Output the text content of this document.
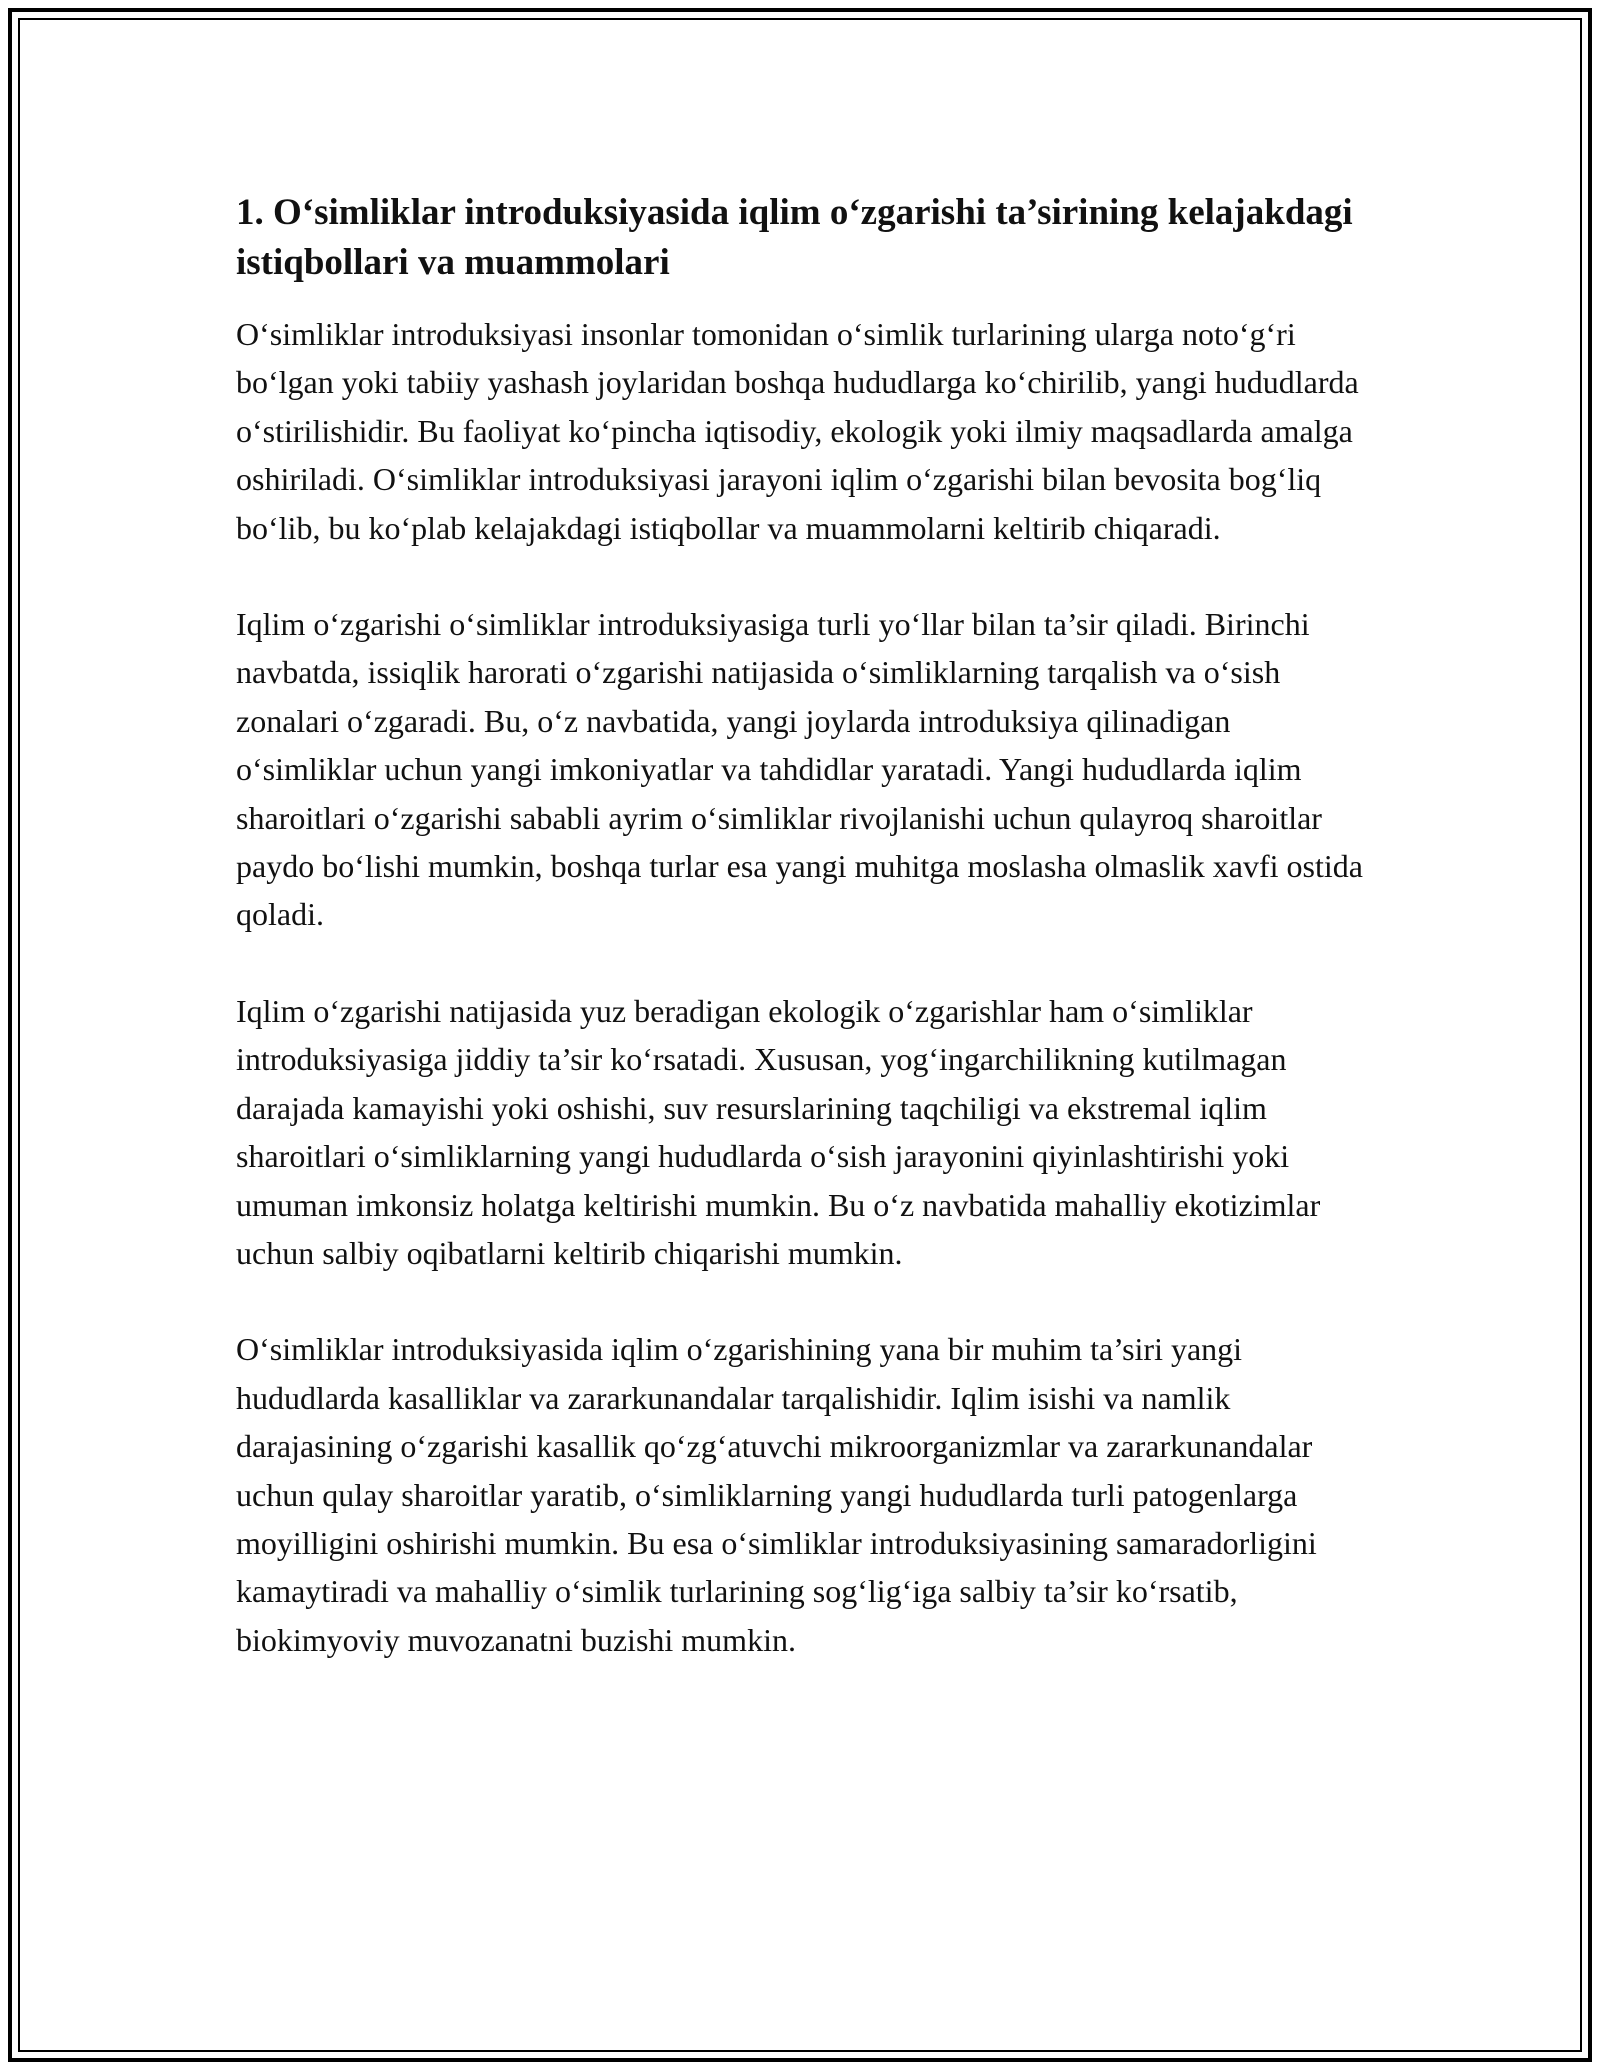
1. O‘simliklar introduksiyasida iqlim o‘zgarishi ta’sirining kelajakdagi istiqbollari va muammolari

O‘simliklar introduksiyasi insonlar tomonidan o‘simlik turlarining ularga noto‘g‘ri bo‘lgan yoki tabiiy yashash joylaridan boshqa hududlarga ko‘chirilib, yangi hududlarda o‘stirilishidir. Bu faoliyat ko‘pincha iqtisodiy, ekologik yoki ilmiy maqsadlarda amalga oshiriladi. O‘simliklar introduksiyasi jarayoni iqlim o‘zgarishi bilan bevosita bog‘liq bo‘lib, bu ko‘plab kelajakdagi istiqbollar va muammolarni keltirib chiqaradi.

Iqlim o‘zgarishi o‘simliklar introduksiyasiga turli yo‘llar bilan ta’sir qiladi. Birinchi navbatda, issiqlik harorati o‘zgarishi natijasida o‘simliklarning tarqalish va o‘sish zonalari o‘zgaradi. Bu, o‘z navbatida, yangi joylarda introduksiya qilinadigan o‘simliklar uchun yangi imkoniyatlar va tahdidlar yaratadi. Yangi hududlarda iqlim sharoitlari o‘zgarishi sababli ayrim o‘simliklar rivojlanishi uchun qulayroq sharoitlar paydo bo‘lishi mumkin, boshqa turlar esa yangi muhitga moslasha olmaslik xavfi ostida qoladi.

Iqlim o‘zgarishi natijasida yuz beradigan ekologik o‘zgarishlar ham o‘simliklar introduksiyasiga jiddiy ta’sir ko‘rsatadi. Xususan, yog‘ingarchilikning kutilmagan darajada kamayishi yoki oshishi, suv resurslarining taqchiligi va ekstremal iqlim sharoitlari o‘simliklarning yangi hududlarda o‘sish jarayonini qiyinlashtirishi yoki umuman imkonsiz holatga keltirishi mumkin. Bu o‘z navbatida mahalliy ekotizimlar uchun salbiy oqibatlarni keltirib chiqarishi mumkin.

O‘simliklar introduksiyasida iqlim o‘zgarishining yana bir muhim ta’siri yangi hududlarda kasalliklar va zararkunandalar tarqalishidir. Iqlim isishi va namlik darajasining o‘zgarishi kasallik qo‘zg‘atuvchi mikroorganizmlar va zararkunandalar uchun qulay sharoitlar yaratib, o‘simliklarning yangi hududlarda turli patogenlarga moyilligini oshirishi mumkin. Bu esa o‘simliklar introduksiyasining samaradorligini kamaytiradi va mahalliy o‘simlik turlarining sog‘lig‘iga salbiy ta’sir ko‘rsatib, biokimyoviy muvozanatni buzishi mumkin.
